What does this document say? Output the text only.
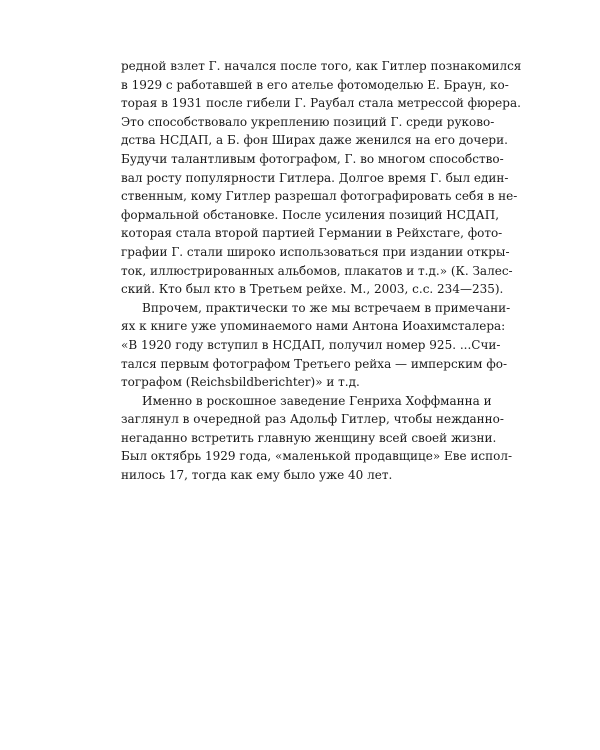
редной взлет Г. начался после того, как Гитлер познакомился
в 1929 с работавшей в его ателье фотомоделью Е. Браун, ко-
торая в 1931 после гибели Г. Раубал стала метрессой фюрера.
Это способствовало укреплению позиций Г. среди руково-
дства НСДАП, а Б. фон Ширах даже женился на его дочери.
Будучи талантливым фотографом, Г. во многом способство-
вал росту популярности Гитлера. Долгое время Г. был един-
ственным, кому Гитлер разрешал фотографировать себя в не-
формальной обстановке. После усиления позиций НСДАП,
которая стала второй партией Германии в Рейхстаге, фото-
графии Г. стали широко использоваться при издании откры-
ток, иллюстрированных альбомов, плакатов и т.д.» (К. Залес-
ский. Кто был кто в Третьем рейхе. М., 2003, с.с. 234—235).

Впрочем, практически то же мы встречаем в примечани-
ях к книге уже упоминаемого нами Антона Иоахимсталера:
«В 1920 году вступил в НСДАП, получил номер 925. ...Счи-
тался первым фотографом Третьего рейха — имперским фо-
тографом (Reichsbildberichter)» и т.д.

Именно в роскошное заведение Генриха Хоффманна и
заглянул в очередной раз Адольф Гитлер, чтобы нежданно-
негаданно встретить главную женщину всей своей жизни.
Был октябрь 1929 года, «маленькой продавщице» Еве испол-
нилось 17, тогда как ему было уже 40 лет.
